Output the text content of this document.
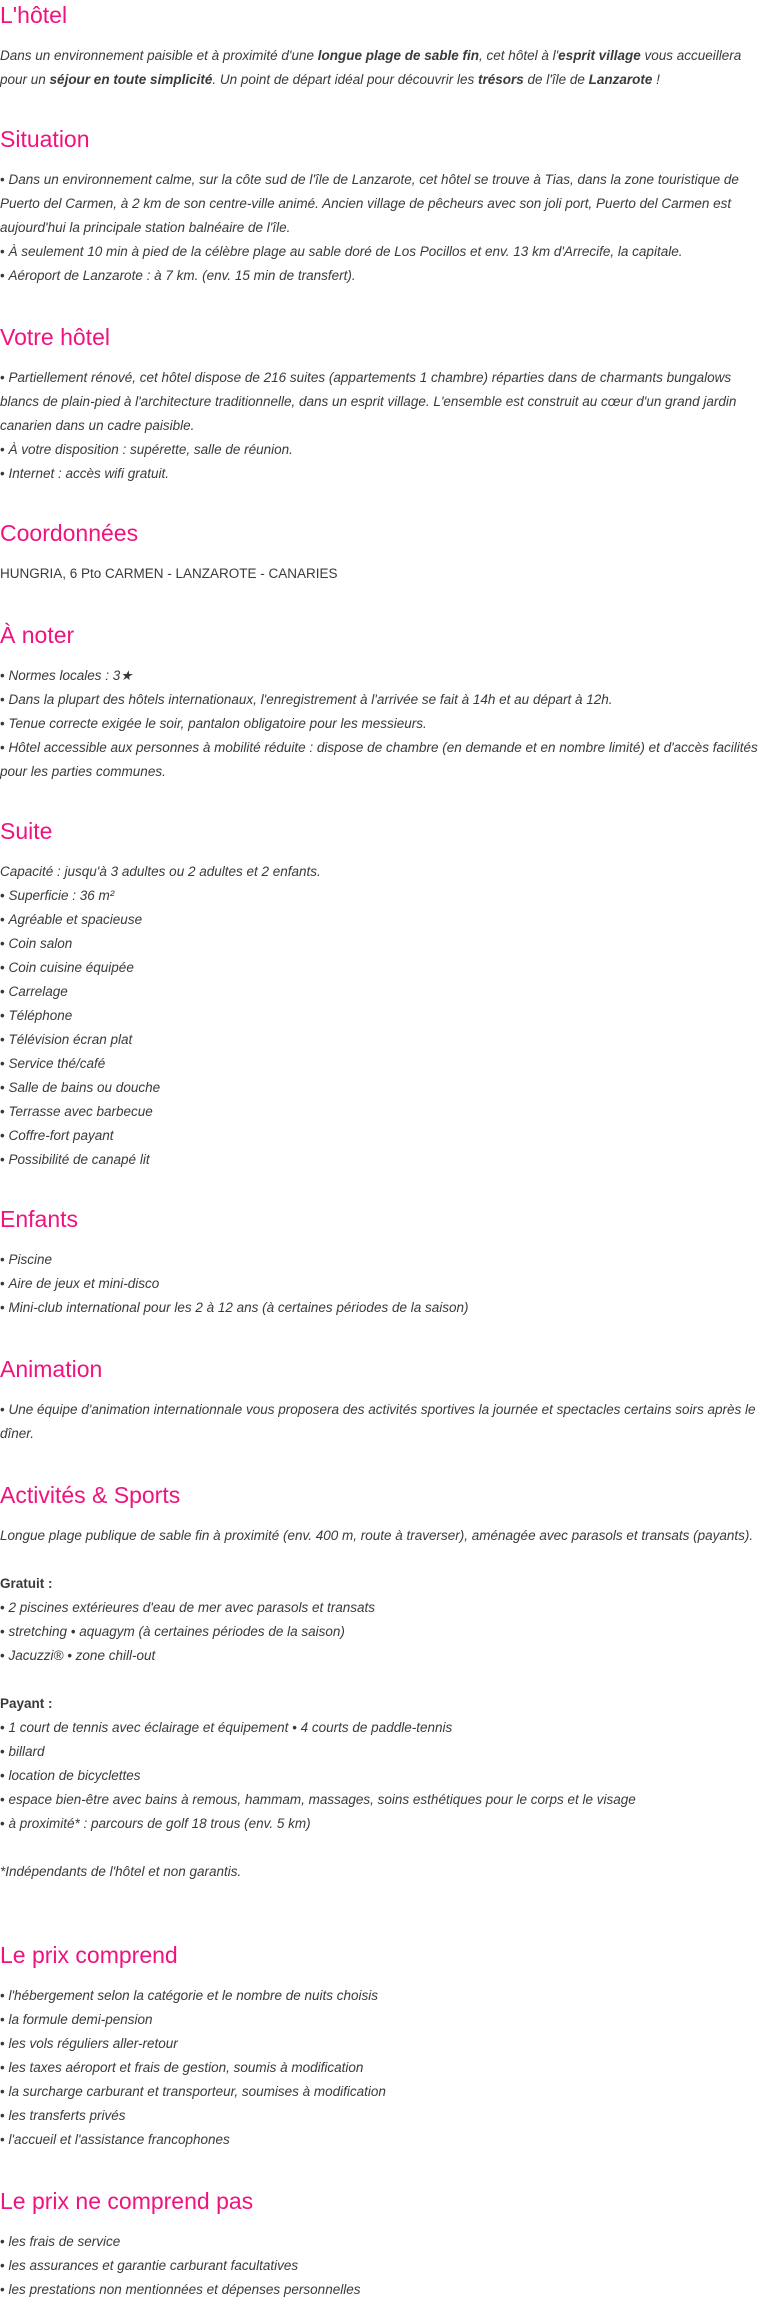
L'hôtel

Dans un environnement paisible et à proximité d'une longue plage de sable fin, cet hôtel à l'esprit village vous accueillera pour un séjour en toute simplicité. Un point de départ idéal pour découvrir les trésors de l'île de Lanzarote !

Situation
• Dans un environnement calme, sur la côte sud de l'île de Lanzarote, cet hôtel se trouve à Tias, dans la zone touristique de Puerto del Carmen, à 2 km de son centre-ville animé. Ancien village de pêcheurs avec son joli port, Puerto del Carmen est aujourd'hui la principale station balnéaire de l'île.
• À seulement 10 min à pied de la célèbre plage au sable doré de Los Pocillos et env. 13 km d'Arrecife, la capitale.
• Aéroport de Lanzarote : à 7 km. (env. 15 min de transfert).
Votre hôtel
• Partiellement rénové, cet hôtel dispose de 216 suites (appartements 1 chambre) réparties dans de charmants bungalows blancs de plain-pied à l'architecture traditionnelle, dans un esprit village. L'ensemble est construit au cœur d'un grand jardin canarien dans un cadre paisible.
• À votre disposition : supérette, salle de réunion.
• Internet : accès wifi gratuit.
Coordonnées

HUNGRIA, 6 Pto CARMEN - LANZAROTE - CANARIES

À noter
• Normes locales : 3★
• Dans la plupart des hôtels internationaux, l'enregistrement à l'arrivée se fait à 14h et au départ à 12h.
• Tenue correcte exigée le soir, pantalon obligatoire pour les messieurs.
• Hôtel accessible aux personnes à mobilité réduite : dispose de chambre (en demande et en nombre limité) et d'accès facilités pour les parties communes.
Suite

Capacité : jusqu'à 3 adultes ou 2 adultes et 2 enfants.

• Superficie : 36 m²
• Agréable et spacieuse
• Coin salon
• Coin cuisine équipée
• Carrelage
• Téléphone
• Télévision écran plat
• Service thé/café
• Salle de bains ou douche
• Terrasse avec barbecue
• Coffre-fort payant
• Possibilité de canapé lit
Enfants
• Piscine
• Aire de jeux et mini-disco
• Mini-club international pour les 2 à 12 ans (à certaines périodes de la saison)
Animation
• Une équipe d'animation internationnale vous proposera des activités sportives la journée et spectacles certains soirs après le dîner.
Activités & Sports

Longue plage publique de sable fin à proximité (env. 400 m, route à traverser), aménagée avec parasols et transats (payants).

Gratuit :
• 2 piscines extérieures d'eau de mer avec parasols et transats
• stretching • aquagym (à certaines périodes de la saison)
• Jacuzzi® • zone chill-out
Payant :
• 1 court de tennis avec éclairage et équipement • 4 courts de paddle-tennis
• billard
• location de bicyclettes
• espace bien-être avec bains à remous, hammam, massages, soins esthétiques pour le corps et le visage
• à proximité* : parcours de golf 18 trous (env. 5 km)

*Indépendants de l'hôtel et non garantis.

Le prix comprend
• l'hébergement selon la catégorie et le nombre de nuits choisis
• la formule demi-pension
• les vols réguliers aller-retour
• les taxes aéroport et frais de gestion, soumis à modification
• la surcharge carburant et transporteur, soumises à modification
• les transferts privés
• l'accueil et l'assistance francophones
Le prix ne comprend pas
• les frais de service
• les assurances et garantie carburant facultatives
• les prestations non mentionnées et dépenses personnelles
